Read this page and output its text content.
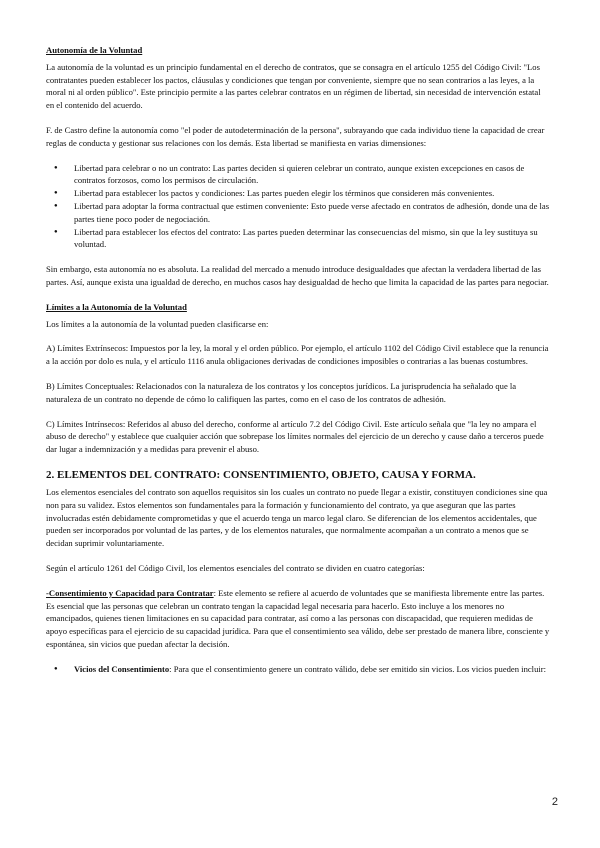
Autonomía de la Voluntad

La autonomía de la voluntad es un principio fundamental en el derecho de contratos, que se consagra en el artículo 1255 del Código Civil: "Los contratantes pueden establecer los pactos, cláusulas y condiciones que tengan por conveniente, siempre que no sean contrarios a las leyes, a la moral ni al orden público". Este principio permite a las partes celebrar contratos en un régimen de libertad, sin necesidad de intervención estatal en el contenido del acuerdo.

F. de Castro define la autonomía como "el poder de autodeterminación de la persona", subrayando que cada individuo tiene la capacidad de crear reglas de conducta y gestionar sus relaciones con los demás. Esta libertad se manifiesta en varias dimensiones:

● Libertad para celebrar o no un contrato: Las partes deciden si quieren celebrar un contrato, aunque existen excepciones en casos de contratos forzosos, como los permisos de circulación.
● Libertad para establecer los pactos y condiciones: Las partes pueden elegir los términos que consideren más convenientes.
● Libertad para adoptar la forma contractual que estimen conveniente: Esto puede verse afectado en contratos de adhesión, donde una de las partes tiene poco poder de negociación.
● Libertad para establecer los efectos del contrato: Las partes pueden determinar las consecuencias del mismo, sin que la ley sustituya su voluntad.

Sin embargo, esta autonomía no es absoluta. La realidad del mercado a menudo introduce desigualdades que afectan la verdadera libertad de las partes. Así, aunque exista una igualdad de derecho, en muchos casos hay desigualdad de hecho que limita la capacidad de las partes para negociar.

Límites a la Autonomía de la Voluntad

Los límites a la autonomía de la voluntad pueden clasificarse en:

A) Límites Extrínsecos: Impuestos por la ley, la moral y el orden público. Por ejemplo, el artículo 1102 del Código Civil establece que la renuncia a la acción por dolo es nula, y el artículo 1116 anula obligaciones derivadas de condiciones imposibles o contrarias a las buenas costumbres.

B) Límites Conceptuales: Relacionados con la naturaleza de los contratos y los conceptos jurídicos. La jurisprudencia ha señalado que la naturaleza de un contrato no depende de cómo lo califiquen las partes, como en el caso de los contratos de adhesión.

C) Límites Intrínsecos: Referidos al abuso del derecho, conforme al artículo 7.2 del Código Civil. Este artículo señala que "la ley no ampara el abuso de derecho" y establece que cualquier acción que sobrepase los límites normales del ejercicio de un derecho y cause daño a terceros puede dar lugar a indemnización y a medidas para prevenir el abuso.

2. ELEMENTOS DEL CONTRATO: CONSENTIMIENTO, OBJETO, CAUSA Y FORMA.

Los elementos esenciales del contrato son aquellos requisitos sin los cuales un contrato no puede llegar a existir, constituyen condiciones sine qua non para su validez. Estos elementos son fundamentales para la formación y funcionamiento del contrato, ya que aseguran que las partes involucradas estén debidamente comprometidas y que el acuerdo tenga un marco legal claro. Se diferencian de los elementos accidentales, que pueden ser incorporados por voluntad de las partes, y de los elementos naturales, que normalmente acompañan a un contrato a menos que se decidan suprimir voluntariamente.

Según el artículo 1261 del Código Civil, los elementos esenciales del contrato se dividen en cuatro categorías:

-Consentimiento y Capacidad para Contratar: Este elemento se refiere al acuerdo de voluntades que se manifiesta libremente entre las partes. Es esencial que las personas que celebran un contrato tengan la capacidad legal necesaria para hacerlo. Esto incluye a los menores no emancipados, quienes tienen limitaciones en su capacidad para contratar, así como a las personas con discapacidad, que requieren medidas de apoyo específicas para el ejercicio de su capacidad jurídica. Para que el consentimiento sea válido, debe ser prestado de manera libre, consciente y espontánea, sin vicios que puedan afectar la decisión.

● Vicios del Consentimiento: Para que el consentimiento genere un contrato válido, debe ser emitido sin vicios. Los vicios pueden incluir:
2
